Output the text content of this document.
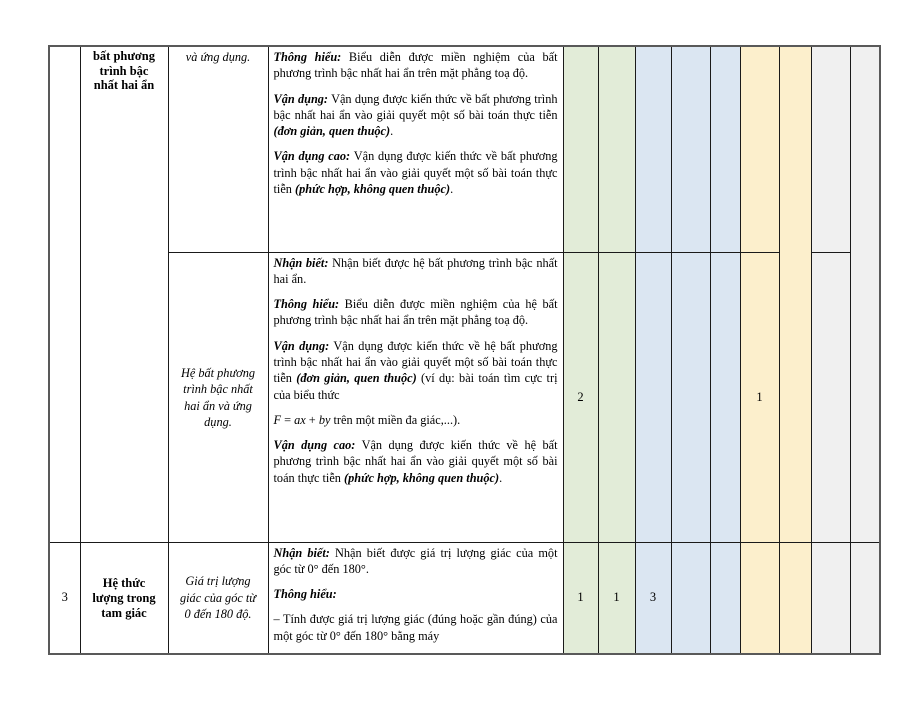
	bất phương trình bậc nhất hai ẩn	và ứng dụng.	Thông hiểu: Biểu diễn được miền nghiệm của bất phương trình bậc nhất hai ẩn trên mặt phẳng toạ độ.

Vận dụng: Vận dụng được kiến thức về bất phương trình bậc nhất hai ẩn vào giải quyết một số bài toán thực tiễn (đơn giản, quen thuộc).

Vận dụng cao: Vận dụng được kiến thức về bất phương trình bậc nhất hai ẩn vào giải quyết một số bài toán thực tiễn (phức hợp, không quen thuộc).									

		Hệ bất phương trình bậc nhất hai ẩn và ứng dụng.	Nhận biết: Nhận biết được hệ bất phương trình bậc nhất hai ẩn.

Thông hiểu: Biểu diễn được miền nghiệm của hệ bất phương trình bậc nhất hai ẩn trên mặt phẳng toạ độ.

Vận dụng: Vận dụng được kiến thức về hệ bất phương trình bậc nhất hai ẩn vào giải quyết một số bài toán thực tiễn (đơn giản, quen thuộc) (ví dụ: bài toán tìm cực trị của biểu thức

F = ax + by trên một miền đa giác,...).

Vận dụng cao: Vận dụng được kiến thức về hệ bất phương trình bậc nhất hai ẩn vào giải quyết một số bài toán thực tiễn (phức hợp, không quen thuộc).	2					1			
3	Hệ thức lượng trong tam giác	Giá trị lượng giác của góc từ 0 đến 180 độ.	Nhận biết: Nhận biết được giá trị lượng giác của một góc từ 0° đến 180°.

Thông hiểu:

– Tính được giá trị lượng giác (đúng hoặc gần đúng) của một góc từ 0° đến 180° bằng máy	1	1	3						
